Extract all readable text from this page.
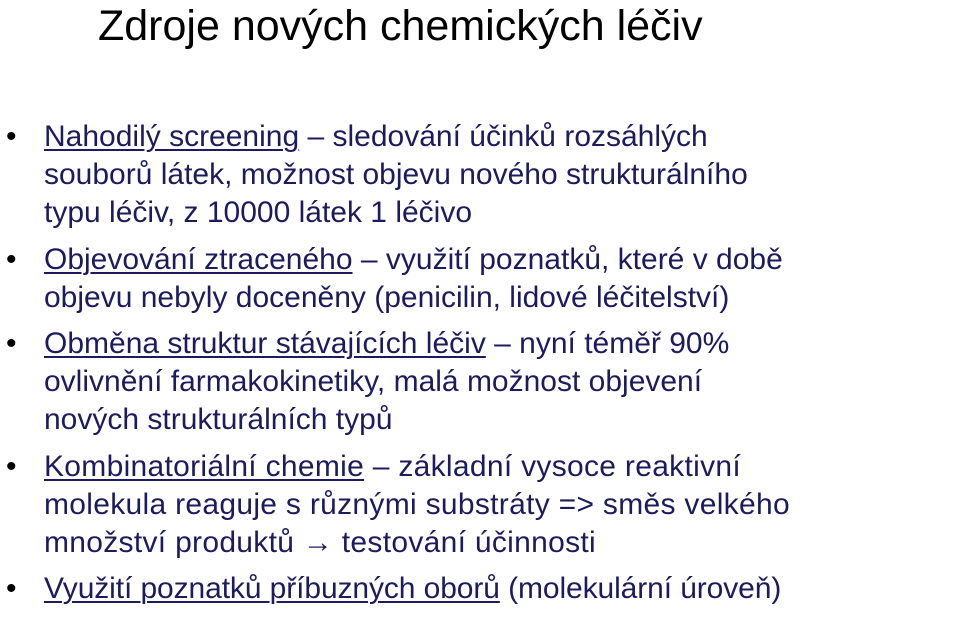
Zdroje nových chemických léčiv
• Nahodilý screening – sledování účinků rozsáhlých
souborů látek, možnost objevu nového strukturálního
typu léčiv, z 10000 látek 1 léčivo
• Objevování ztraceného – využití poznatků, které v době
objevu nebyly doceněny (penicilin, lidové léčitelství)
• Obměna struktur stávajících léčiv – nyní téměř 90%
ovlivnění farmakokinetiky, malá možnost objevení
nových strukturálních typů
• Kombinatoriální chemie – základní vysoce reaktivní
molekula reaguje s různými substráty => směs velkého
množství produktů → testování účinnosti
• Využití poznatků příbuzných oborů (molekulární úroveň)
